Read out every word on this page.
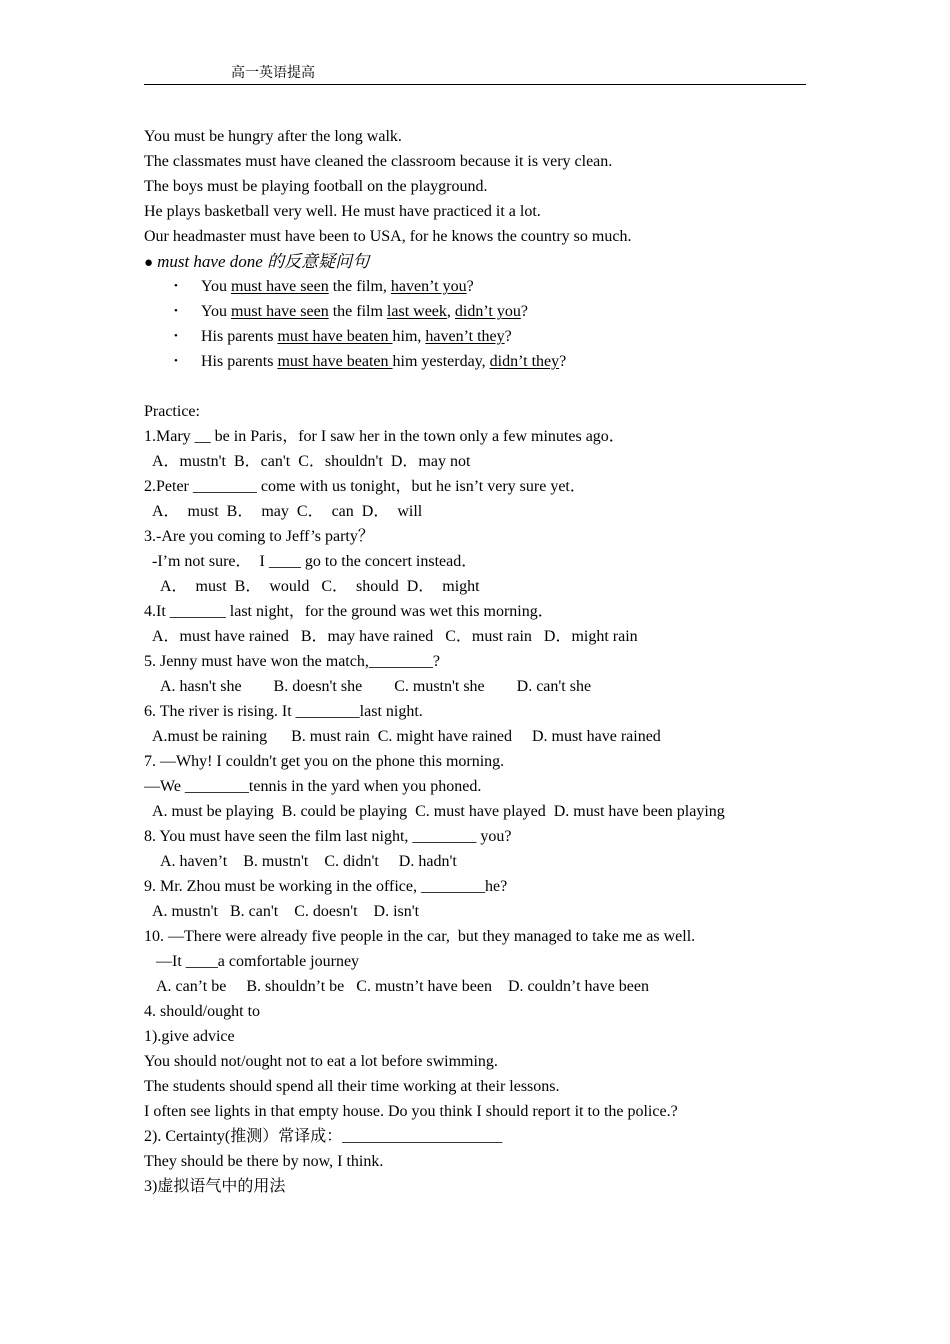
高一英语提高
You must be hungry after the long walk.
The classmates must have cleaned the classroom because it is very clean.
The boys must be playing football on the playground.
He plays basketball very well. He must have practiced it a lot.
Our headmaster must have been to USA, for he knows the country so much.
● must have done 的反意疑问句
• You must have seen the film, haven’t you?
• You must have seen the film last week, didn’t you?
• His parents must have beaten him, haven’t they?
• His parents must have beaten him yesterday, didn’t they?
Practice:
1.Mary __ be in Paris，for I saw her in the town only a few minutes ago．
A．mustn't  B．can't  C．shouldn't  D．may not
2.Peter ________ come with us tonight，but he isn’t very sure yet．
A．  must  B．  may  C．  can  D．  will
3.-Are you coming to Jeff’s party？
-I’m not sure．  I ____ go to the concert instead．
A．  must  B．  would   C．  should  D．  might
4.It _______ last night，for the ground was wet this morning．
A．must have rained   B．may have rained   C．must rain   D．might rain
5. Jenny must have won the match,________?
A. hasn't she        B. doesn't she        C. mustn't she        D. can't she
6. The river is rising. It ________last night.
A.must be raining      B. must rain  C. might have rained     D. must have rained
7. —Why! I couldn't get you on the phone this morning.
—We ________tennis in the yard when you phoned.
A. must be playing  B. could be playing  C. must have played  D. must have been playing
8. You must have seen the film last night, ________ you?
A. haven’t    B. mustn't    C. didn't     D. hadn't
9. Mr. Zhou must be working in the office, ________he?
A. mustn't   B. can't    C. doesn't    D. isn't
10. —There were already five people in the car,  but they managed to take me as well.
—It ____a comfortable journey
A. can’t be     B. shouldn’t be   C. mustn’t have been    D. couldn’t have been
4. should/ought to
1).give advice
You should not/ought not to eat a lot before swimming.
The students should spend all their time working at their lessons.
I often see lights in that empty house. Do you think I should report it to the police.?
2). Certainty(推测）常译成：____________________
They should be there by now, I think.
3)虚拟语气中的用法
